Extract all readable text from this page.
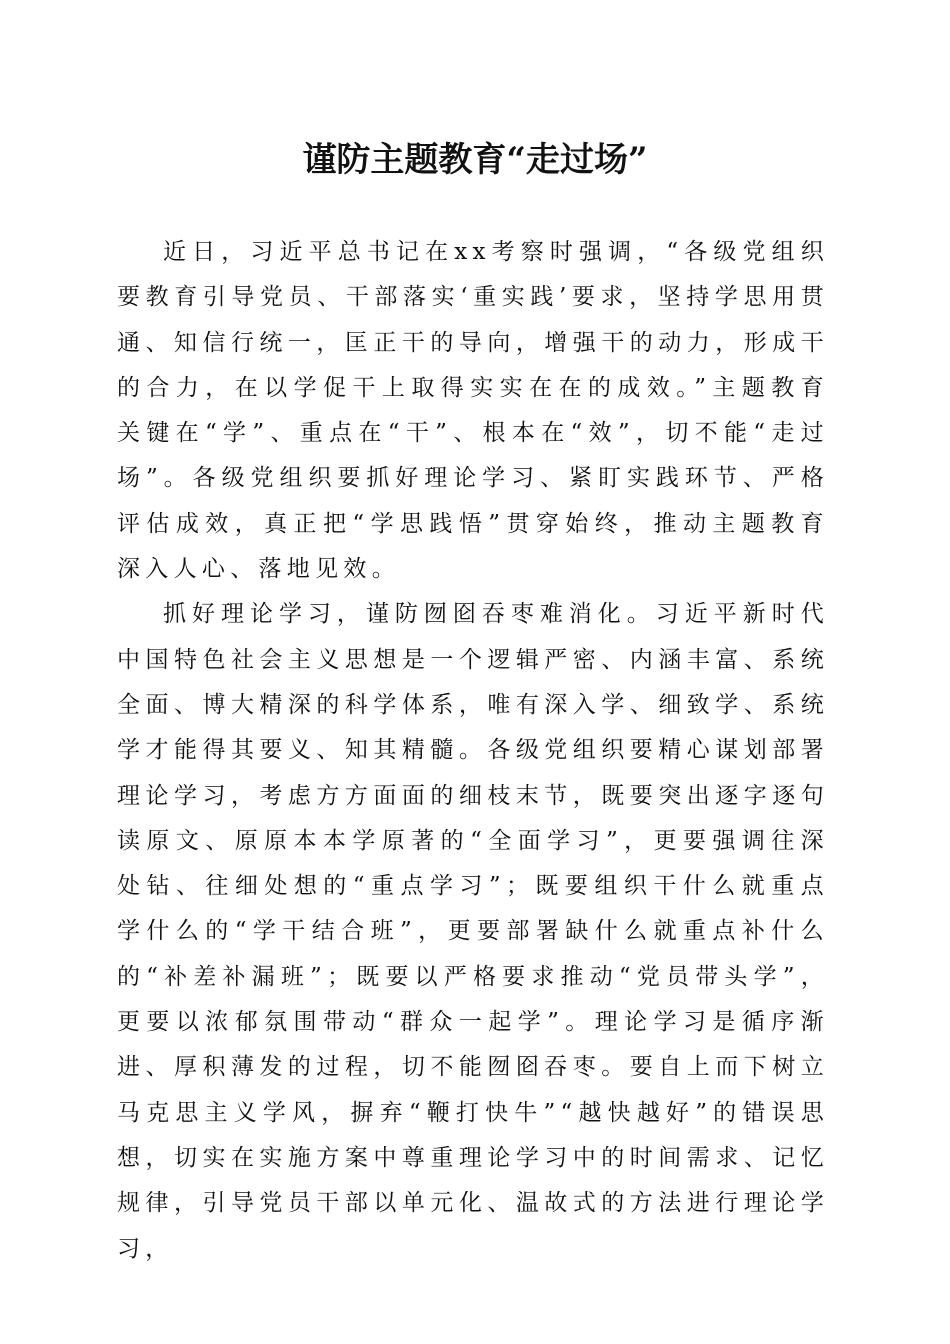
谨防主题教育“走过场”

近日，习近平总书记在xx考察时强调，“各级党组织要教育引导党员、干部落实‘重实践’要求，坚持学思用贯通、知信行统一，匡正干的导向，增强干的动力，形成干的合力，在以学促干上取得实实在在的成效。”主题教育关键在“学”、重点在“干”、根本在“效”，切不能“走过场”。各级党组织要抓好理论学习、紧盯实践环节、严格评估成效，真正把“学思践悟”贯穿始终，推动主题教育深入人心、落地见效。

抓好理论学习，谨防囫囵吞枣难消化。习近平新时代中国特色社会主义思想是一个逻辑严密、内涵丰富、系统全面、博大精深的科学体系，唯有深入学、细致学、系统学才能得其要义、知其精髓。各级党组织要精心谋划部署理论学习，考虑方方面面的细枝末节，既要突出逐字逐句读原文、原原本本学原著的“全面学习”，更要强调往深处钻、往细处想的“重点学习”；既要组织干什么就重点学什么的“学干结合班”，更要部署缺什么就重点补什么的“补差补漏班”；既要以严格要求推动“党员带头学”，更要以浓郁氛围带动“群众一起学”。理论学习是循序渐进、厚积薄发的过程，切不能囫囵吞枣。要自上而下树立马克思主义学风，摒弃“鞭打快牛”“越快越好”的错误思想，切实在实施方案中尊重理论学习中的时间需求、记忆规律，引导党员干部以单元化、温故式的方法进行理论学习，
